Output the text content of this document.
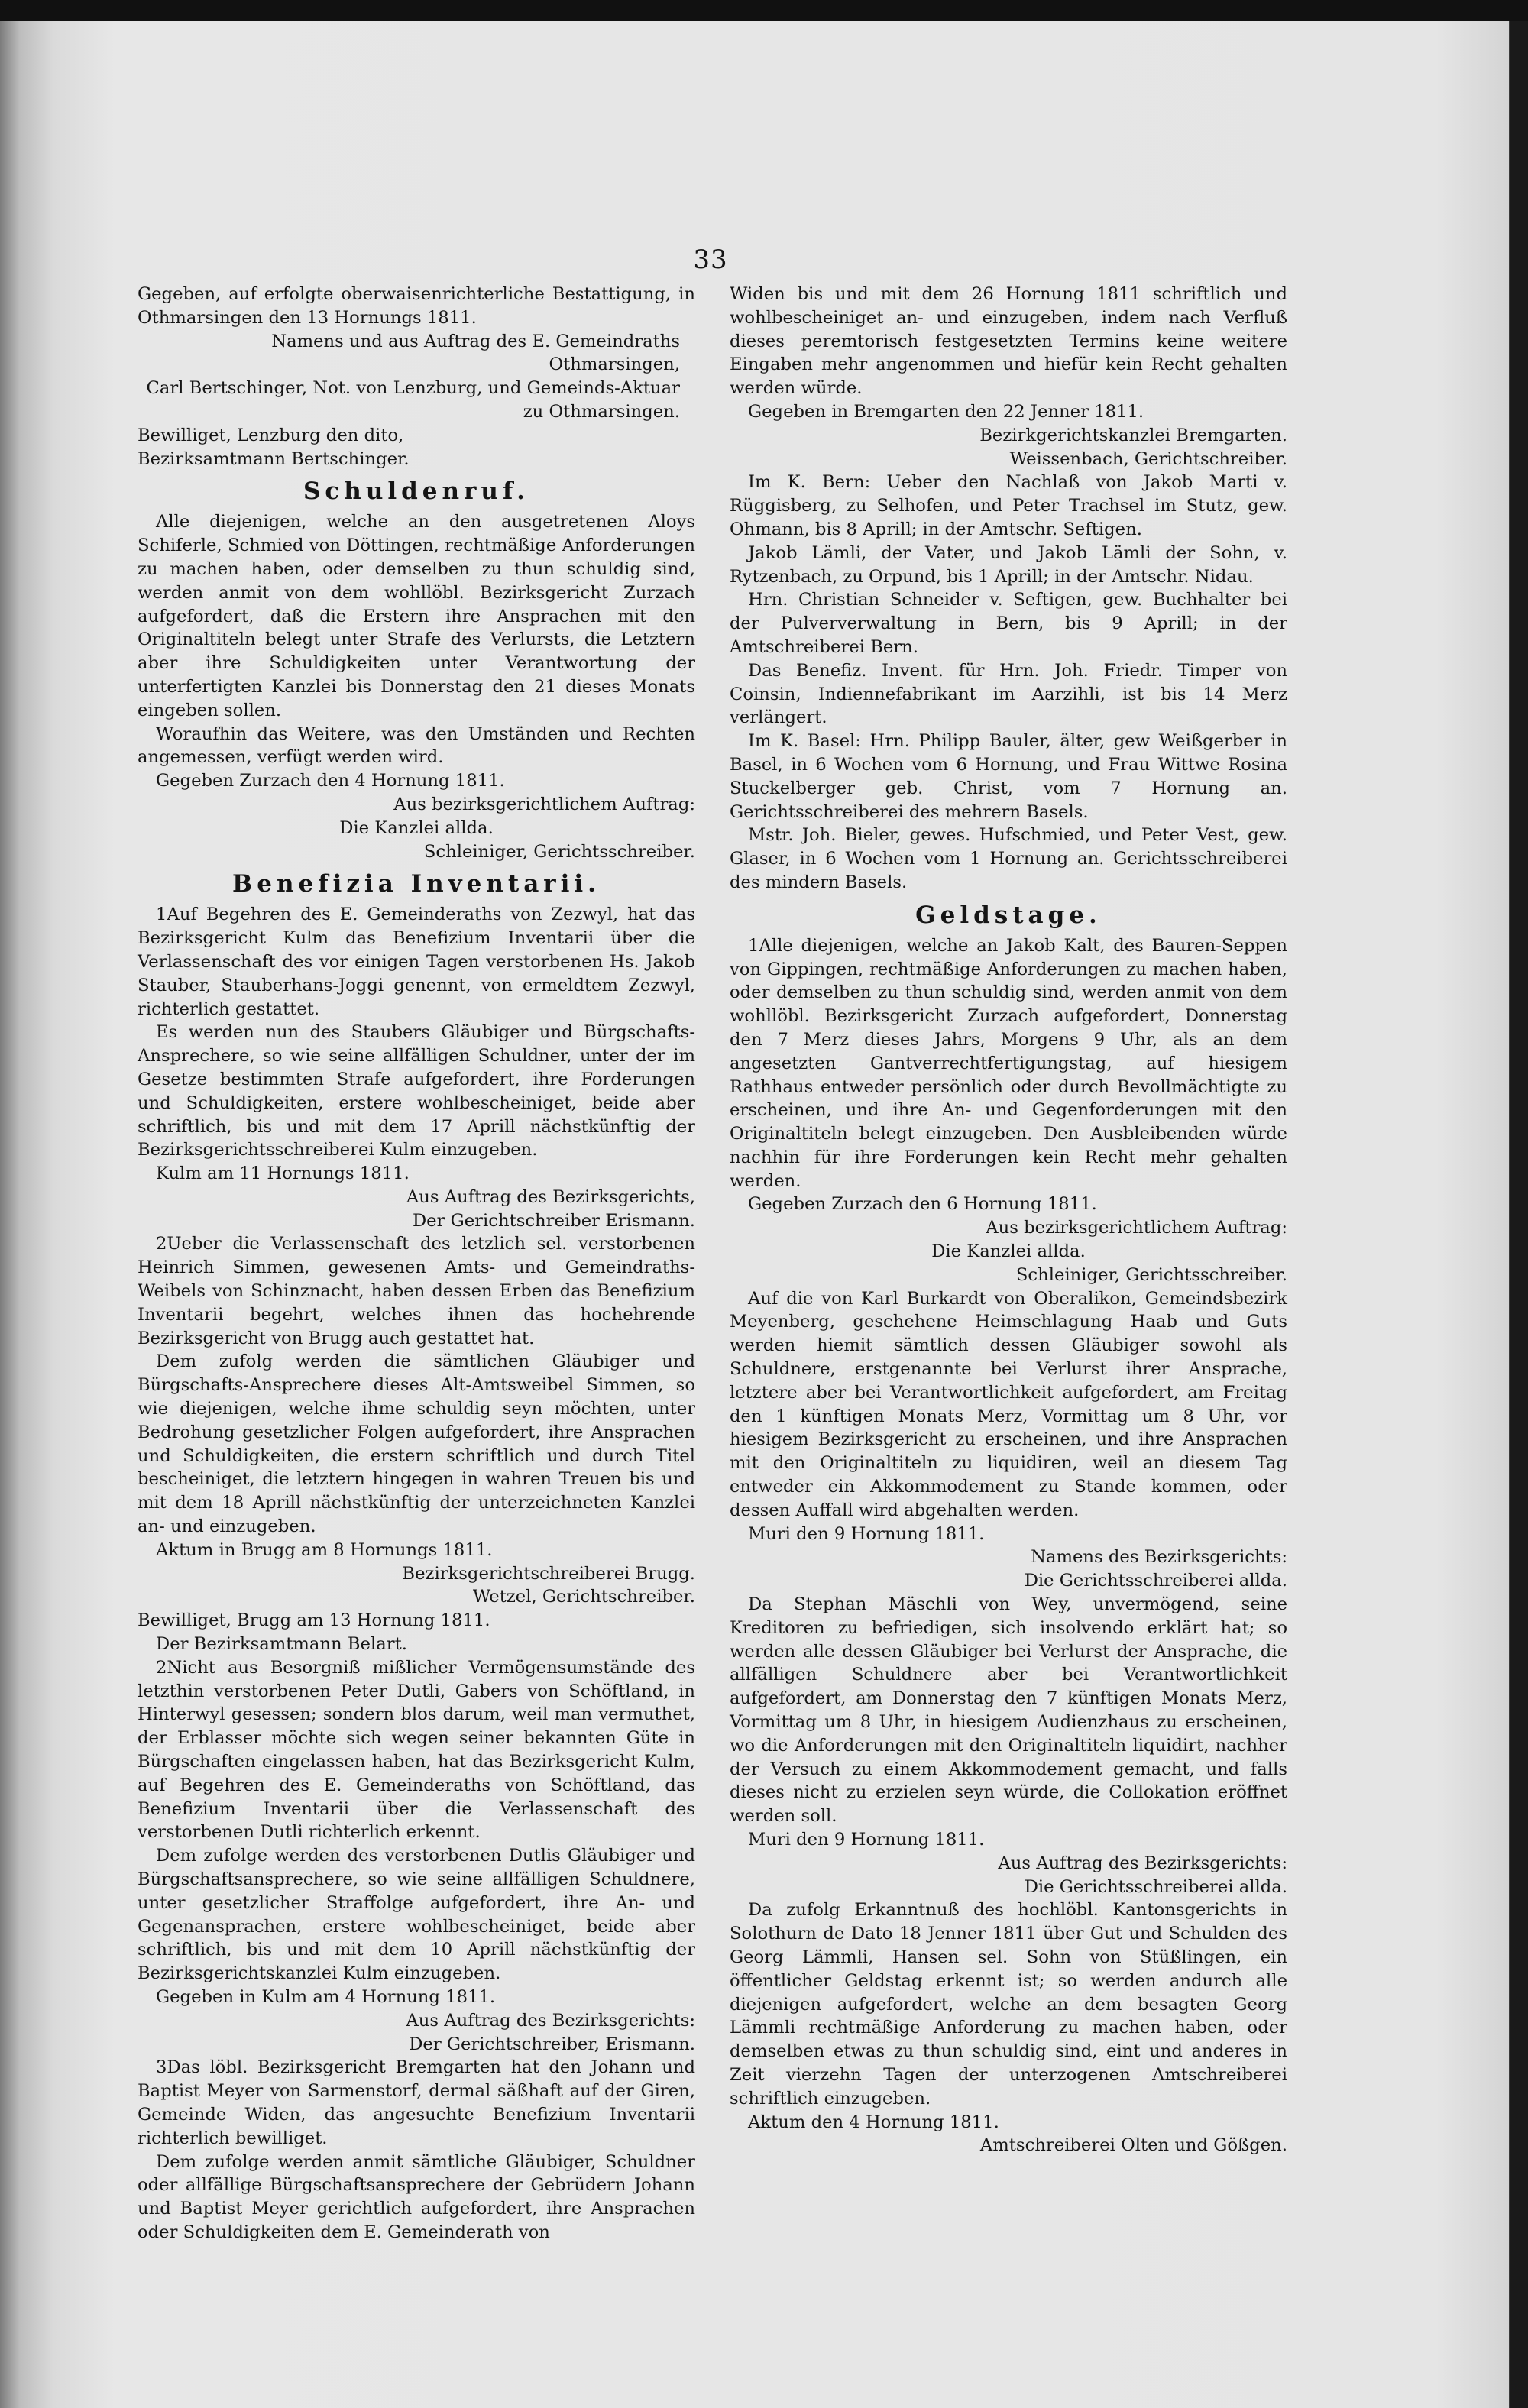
33

Gegeben, auf erfolgte oberwaisenrichterliche Bestattigung, in Othmarsingen den 13 Hornungs 1811.

Namens und aus Auftrag des E. Gemeindraths Othmarsingen,

Carl Bertschinger, Not. von Lenzburg, und Gemeinds-Aktuar zu Othmarsingen.

Bewilliget, Lenzburg den dito,

Bezirksamtmann Bertschinger.

Schuldenruf.

Alle diejenigen, welche an den ausgetretenen Aloys Schiferle, Schmied von Döttingen, rechtmäßige Anforderungen zu machen haben, oder demselben zu thun schuldig sind, werden anmit von dem wohllöbl. Bezirksgericht Zurzach aufgefordert, daß die Erstern ihre Ansprachen mit den Originaltiteln belegt unter Strafe des Verlursts, die Letztern aber ihre Schuldigkeiten unter Verantwortung der unterfertigten Kanzlei bis Donnerstag den 21 dieses Monats eingeben sollen.

Woraufhin das Weitere, was den Umständen und Rechten angemessen, verfügt werden wird.

Gegeben Zurzach den 4 Hornung 1811.

Aus bezirksgerichtlichem Auftrag:

Die Kanzlei allda.

Schleiniger, Gerichtsschreiber.

Benefizia Inventarii.

1Auf Begehren des E. Gemeinderaths von Zezwyl, hat das Bezirksgericht Kulm das Benefizium Inventarii über die Verlassenschaft des vor einigen Tagen verstorbenen Hs. Jakob Stauber, Stauberhans-Joggi genennt, von ermeldtem Zezwyl, richterlich gestattet.

Es werden nun des Staubers Gläubiger und Bürgschafts-Ansprechere, so wie seine allfälligen Schuldner, unter der im Gesetze bestimmten Strafe aufgefordert, ihre Forderungen und Schuldigkeiten, erstere wohlbescheiniget, beide aber schriftlich, bis und mit dem 17 Aprill nächstkünftig der Bezirksgerichtsschreiberei Kulm einzugeben.

Kulm am 11 Hornungs 1811.

Aus Auftrag des Bezirksgerichts,

Der Gerichtschreiber Erismann.

2Ueber die Verlassenschaft des letzlich sel. verstorbenen Heinrich Simmen, gewesenen Amts- und Gemeindraths-Weibels von Schinznacht, haben dessen Erben das Benefizium Inventarii begehrt, welches ihnen das hochehrende Bezirksgericht von Brugg auch gestattet hat.

Dem zufolg werden die sämtlichen Gläubiger und Bürgschafts-Ansprechere dieses Alt-Amtsweibel Simmen, so wie diejenigen, welche ihme schuldig seyn möchten, unter Bedrohung gesetzlicher Folgen aufgefordert, ihre Ansprachen und Schuldigkeiten, die erstern schriftlich und durch Titel bescheiniget, die letztern hingegen in wahren Treuen bis und mit dem 18 Aprill nächstkünftig der unterzeichneten Kanzlei an- und einzugeben.

Aktum in Brugg am 8 Hornungs 1811.

Bezirksgerichtschreiberei Brugg.

Wetzel, Gerichtschreiber.

Bewilliget, Brugg am 13 Hornung 1811.

Der Bezirksamtmann Belart.

2Nicht aus Besorgniß mißlicher Vermögensumstände des letzthin verstorbenen Peter Dutli, Gabers von Schöftland, in Hinterwyl gesessen; sondern blos darum, weil man vermuthet, der Erblasser möchte sich wegen seiner bekannten Güte in Bürgschaften eingelassen haben, hat das Bezirksgericht Kulm, auf Begehren des E. Gemeinderaths von Schöftland, das Benefizium Inventarii über die Verlassenschaft des verstorbenen Dutli richterlich erkennt.

Dem zufolge werden des verstorbenen Dutlis Gläubiger und Bürgschaftsansprechere, so wie seine allfälligen Schuldnere, unter gesetzlicher Straffolge aufgefordert, ihre An- und Gegenansprachen, erstere wohlbescheiniget, beide aber schriftlich, bis und mit dem 10 Aprill nächstkünftig der Bezirksgerichtskanzlei Kulm einzugeben.

Gegeben in Kulm am 4 Hornung 1811.

Aus Auftrag des Bezirksgerichts:

Der Gerichtschreiber, Erismann.

3Das löbl. Bezirksgericht Bremgarten hat den Johann und Baptist Meyer von Sarmenstorf, dermal säßhaft auf der Giren, Gemeinde Widen, das angesuchte Benefizium Inventarii richterlich bewilliget.

Dem zufolge werden anmit sämtliche Gläubiger, Schuldner oder allfällige Bürgschaftsansprechere der Gebrüdern Johann und Baptist Meyer gerichtlich aufgefordert, ihre Ansprachen oder Schuldigkeiten dem E. Gemeinderath von

Widen bis und mit dem 26 Hornung 1811 schriftlich und wohlbescheiniget an- und einzugeben, indem nach Verfluß dieses peremtorisch festgesetzten Termins keine weitere Eingaben mehr angenommen und hiefür kein Recht gehalten werden würde.

Gegeben in Bremgarten den 22 Jenner 1811.

Bezirkgerichtskanzlei Bremgarten.

Weissenbach, Gerichtschreiber.

Im K. Bern: Ueber den Nachlaß von Jakob Marti v. Rüggisberg, zu Selhofen, und Peter Trachsel im Stutz, gew. Ohmann, bis 8 Aprill; in der Amtschr. Seftigen.

Jakob Lämli, der Vater, und Jakob Lämli der Sohn, v. Rytzenbach, zu Orpund, bis 1 Aprill; in der Amtschr. Nidau.

Hrn. Christian Schneider v. Seftigen, gew. Buchhalter bei der Pulververwaltung in Bern, bis 9 Aprill; in der Amtschreiberei Bern.

Das Benefiz. Invent. für Hrn. Joh. Friedr. Timper von Coinsin, Indiennefabrikant im Aarzihli, ist bis 14 Merz verlängert.

Im K. Basel: Hrn. Philipp Bauler, älter, gew Weißgerber in Basel, in 6 Wochen vom 6 Hornung, und Frau Wittwe Rosina Stuckelberger geb. Christ, vom 7 Hornung an. Gerichtsschreiberei des mehrern Basels.

Mstr. Joh. Bieler, gewes. Hufschmied, und Peter Vest, gew. Glaser, in 6 Wochen vom 1 Hornung an. Gerichtsschreiberei des mindern Basels.

Geldstage.

1Alle diejenigen, welche an Jakob Kalt, des Bauren-Seppen von Gippingen, rechtmäßige Anforderungen zu machen haben, oder demselben zu thun schuldig sind, werden anmit von dem wohllöbl. Bezirksgericht Zurzach aufgefordert, Donnerstag den 7 Merz dieses Jahrs, Morgens 9 Uhr, als an dem angesetzten Gantverrechtfertigungstag, auf hiesigem Rathhaus entweder persönlich oder durch Bevollmächtigte zu erscheinen, und ihre An- und Gegenforderungen mit den Originaltiteln belegt einzugeben. Den Ausbleibenden würde nachhin für ihre Forderungen kein Recht mehr gehalten werden.

Gegeben Zurzach den 6 Hornung 1811.

Aus bezirksgerichtlichem Auftrag:

Die Kanzlei allda.

Schleiniger, Gerichtsschreiber.

Auf die von Karl Burkardt von Oberalikon, Gemeindsbezirk Meyenberg, geschehene Heimschlagung Haab und Guts werden hiemit sämtlich dessen Gläubiger sowohl als Schuldnere, erstgenannte bei Verlurst ihrer Ansprache, letztere aber bei Verantwortlichkeit aufgefordert, am Freitag den 1 künftigen Monats Merz, Vormittag um 8 Uhr, vor hiesigem Bezirksgericht zu erscheinen, und ihre Ansprachen mit den Originaltiteln zu liquidiren, weil an diesem Tag entweder ein Akkommodement zu Stande kommen, oder dessen Auffall wird abgehalten werden.

Muri den 9 Hornung 1811.

Namens des Bezirksgerichts:

Die Gerichtsschreiberei allda.

Da Stephan Mäschli von Wey, unvermögend, seine Kreditoren zu befriedigen, sich insolvendo erklärt hat; so werden alle dessen Gläubiger bei Verlurst der Ansprache, die allfälligen Schuldnere aber bei Verantwortlichkeit aufgefordert, am Donnerstag den 7 künftigen Monats Merz, Vormittag um 8 Uhr, in hiesigem Audienzhaus zu erscheinen, wo die Anforderungen mit den Originaltiteln liquidirt, nachher der Versuch zu einem Akkommodement gemacht, und falls dieses nicht zu erzielen seyn würde, die Collokation eröffnet werden soll.

Muri den 9 Hornung 1811.

Aus Auftrag des Bezirksgerichts:

Die Gerichtsschreiberei allda.

Da zufolg Erkanntnuß des hochlöbl. Kantonsgerichts in Solothurn de Dato 18 Jenner 1811 über Gut und Schulden des Georg Lämmli, Hansen sel. Sohn von Stüßlingen, ein öffentlicher Geldstag erkennt ist; so werden andurch alle diejenigen aufgefordert, welche an dem besagten Georg Lämmli rechtmäßige Anforderung zu machen haben, oder demselben etwas zu thun schuldig sind, eint und anderes in Zeit vierzehn Tagen der unterzogenen Amtschreiberei schriftlich einzugeben.

Aktum den 4 Hornung 1811.

Amtschreiberei Olten und Gößgen.
